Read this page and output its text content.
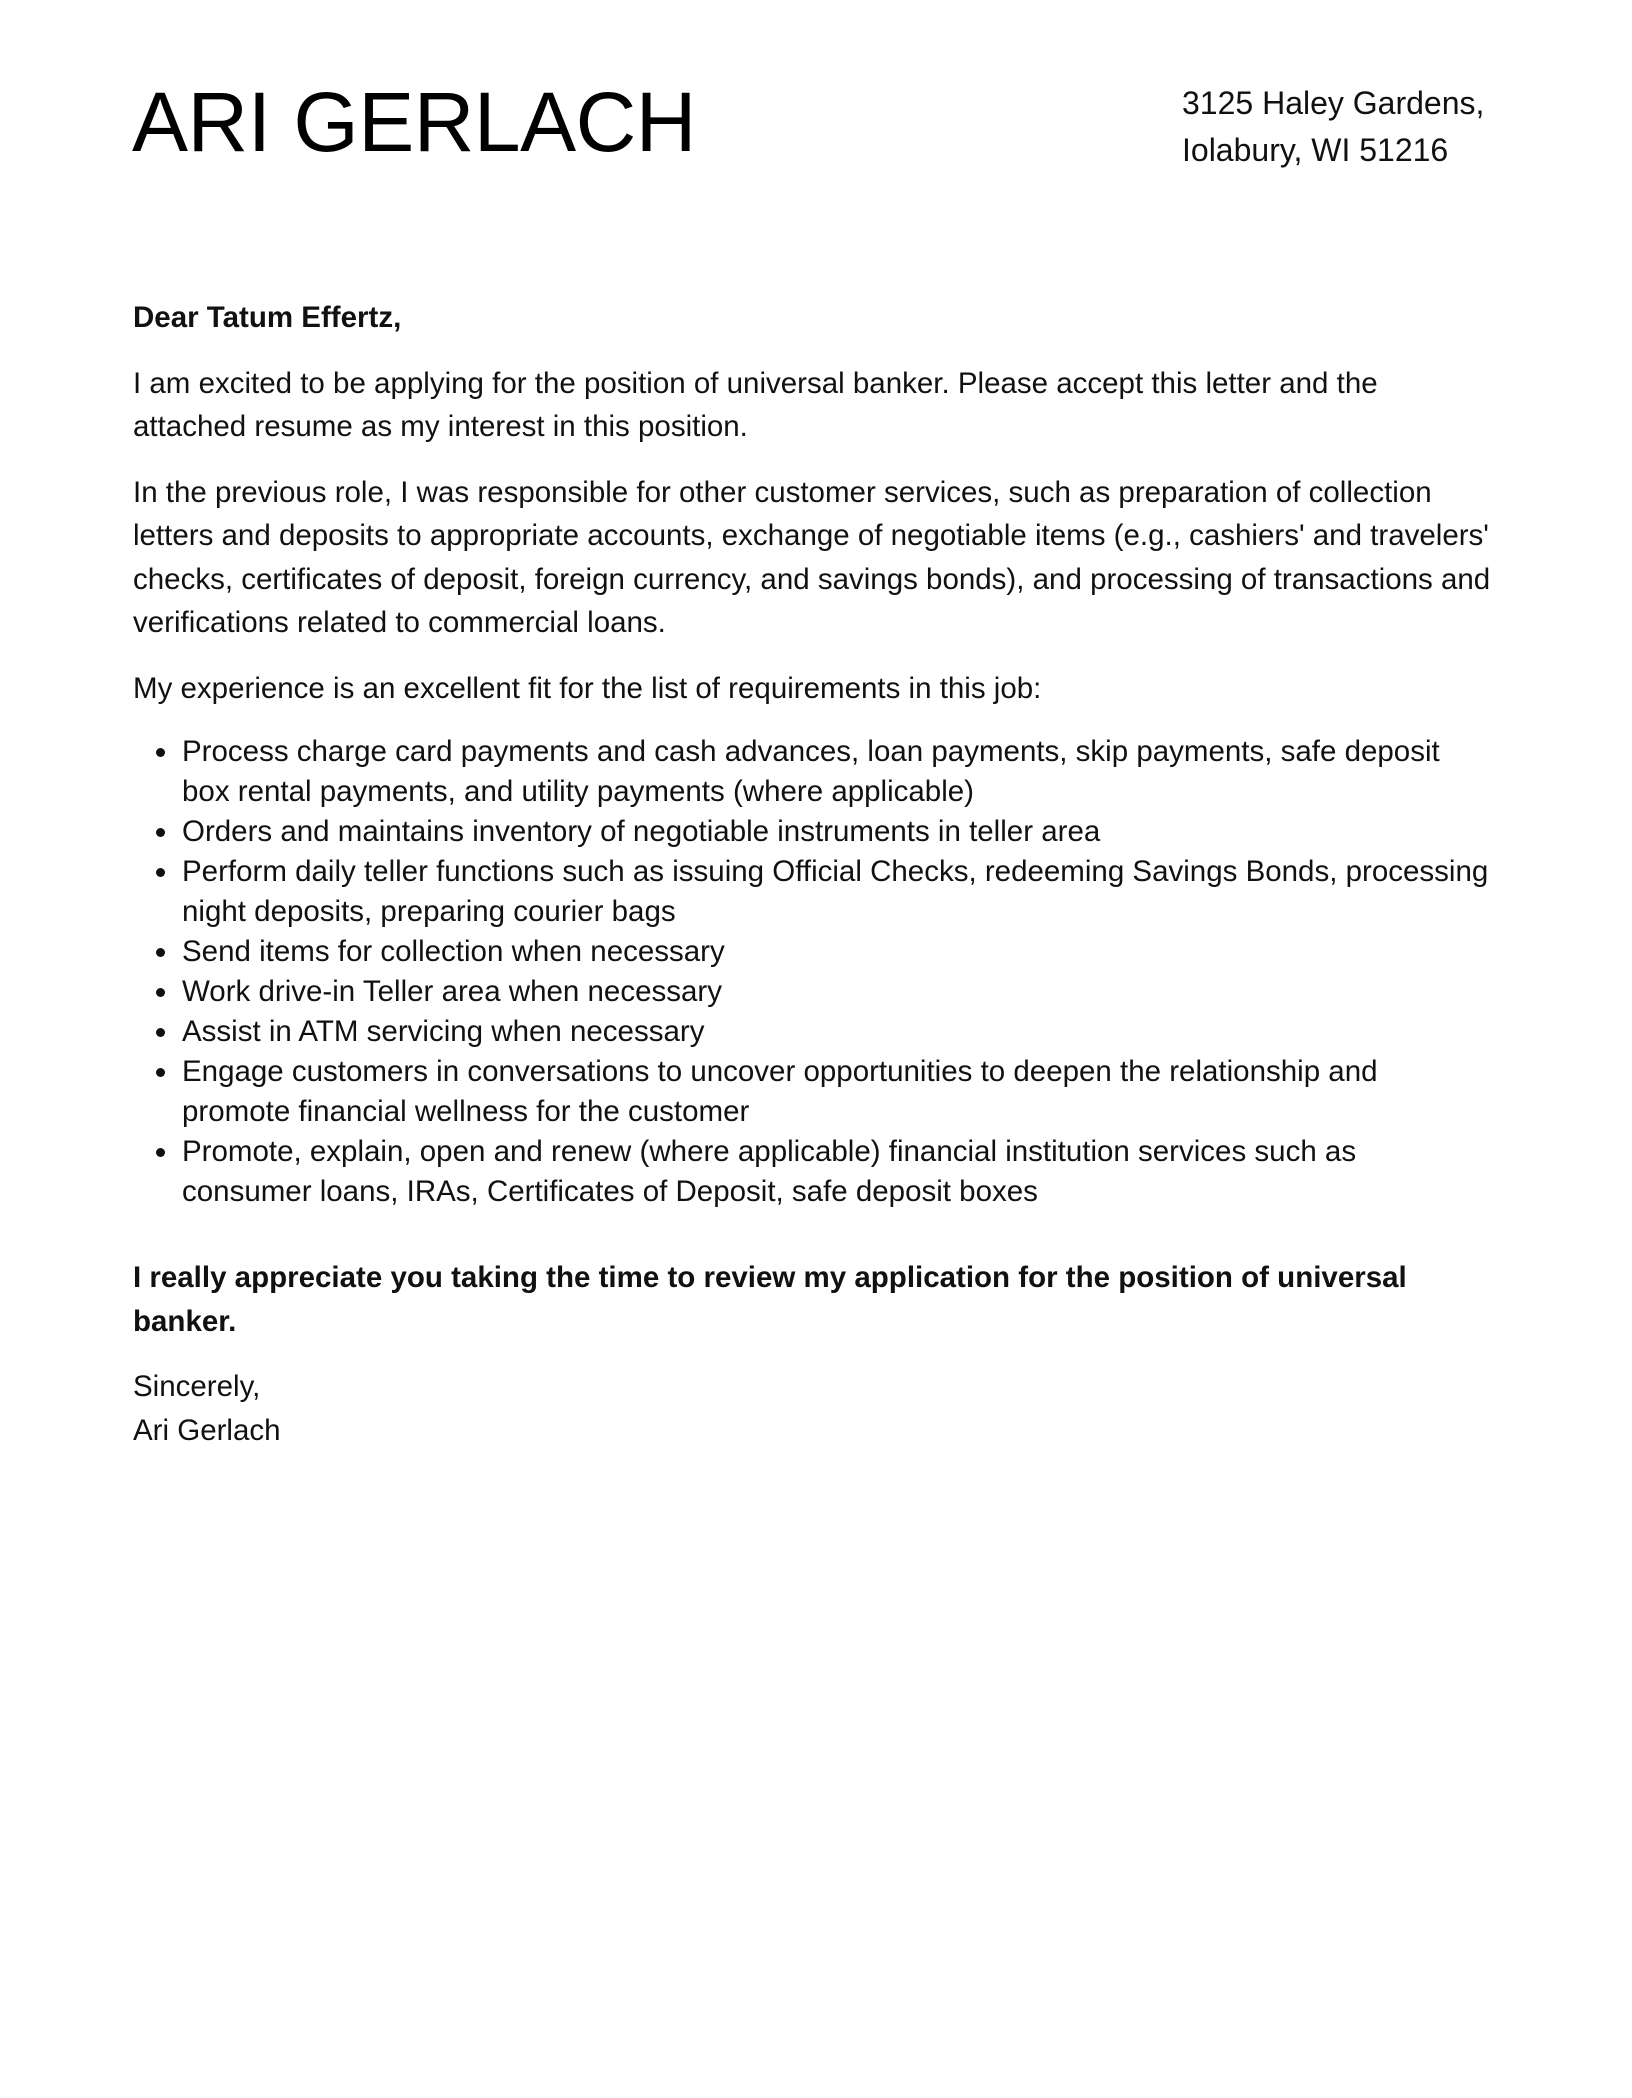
ARI GERLACH	3125 Haley Gardens,
Iolabury, WI 51216

Dear Tatum Effertz,

I am excited to be applying for the position of universal banker. Please accept this letter and the attached resume as my interest in this position.

In the previous role, I was responsible for other customer services, such as preparation of collection letters and deposits to appropriate accounts, exchange of negotiable items (e.g., cashiers' and travelers' checks, certificates of deposit, foreign currency, and savings bonds), and processing of transactions and verifications related to commercial loans.

My experience is an excellent fit for the list of requirements in this job:

• Process charge card payments and cash advances, loan payments, skip payments, safe deposit box rental payments, and utility payments (where applicable)
• Orders and maintains inventory of negotiable instruments in teller area
• Perform daily teller functions such as issuing Official Checks, redeeming Savings Bonds, processing night deposits, preparing courier bags
• Send items for collection when necessary
• Work drive-in Teller area when necessary
• Assist in ATM servicing when necessary
• Engage customers in conversations to uncover opportunities to deepen the relationship and promote financial wellness for the customer
• Promote, explain, open and renew (where applicable) financial institution services such as consumer loans, IRAs, Certificates of Deposit, safe deposit boxes

I really appreciate you taking the time to review my application for the position of universal banker.

Sincerely,
Ari Gerlach
